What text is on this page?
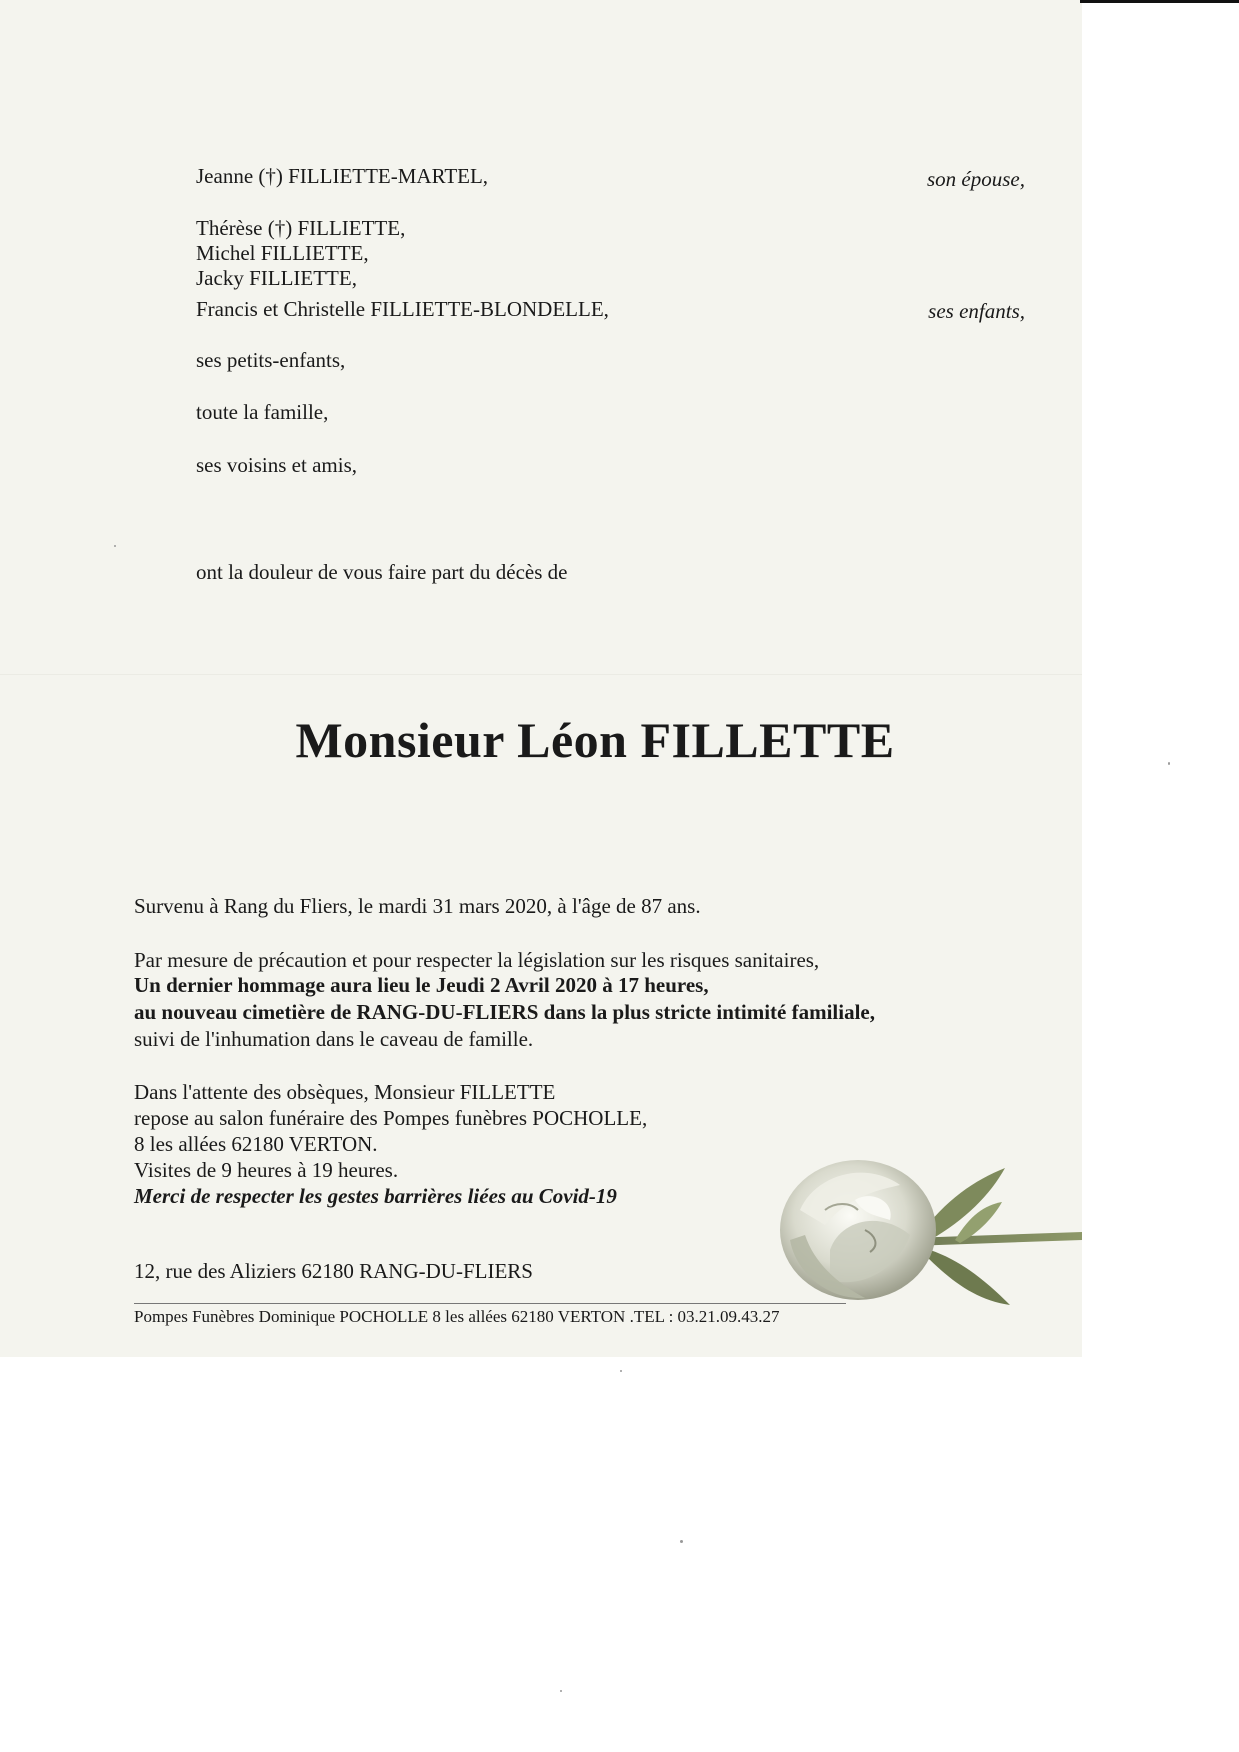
Jeanne (†) FILLIETTE-MARTEL,	son épouse,
Thérèse (†) FILLIETTE,
Michel FILLIETTE,
Jacky FILLIETTE,
Francis et Christelle FILLIETTE-BLONDELLE,	ses enfants,
ses petits-enfants,
toute la famille,
ses voisins et amis,
ont la douleur de vous faire part du décès de
Monsieur Léon FILLETTE
Survenu à Rang du Fliers, le mardi 31 mars 2020, à l'âge de 87 ans.
Par mesure de précaution et pour respecter la législation sur les risques sanitaires,
Un dernier hommage aura lieu le Jeudi 2 Avril 2020 à 17 heures,
au nouveau cimetière de RANG-DU-FLIERS dans la plus stricte intimité familiale,
suivi de l'inhumation dans le caveau de famille.
Dans l'attente des obsèques, Monsieur FILLETTE
repose au salon funéraire des Pompes funèbres POCHOLLE,
8 les allées 62180 VERTON.
Visites de 9 heures à 19 heures.
Merci de respecter les gestes barrières liées au Covid-19
12, rue des Aliziers 62180 RANG-DU-FLIERS
Pompes Funèbres Dominique POCHOLLE 8 les allées 62180 VERTON .TEL : 03.21.09.43.27
